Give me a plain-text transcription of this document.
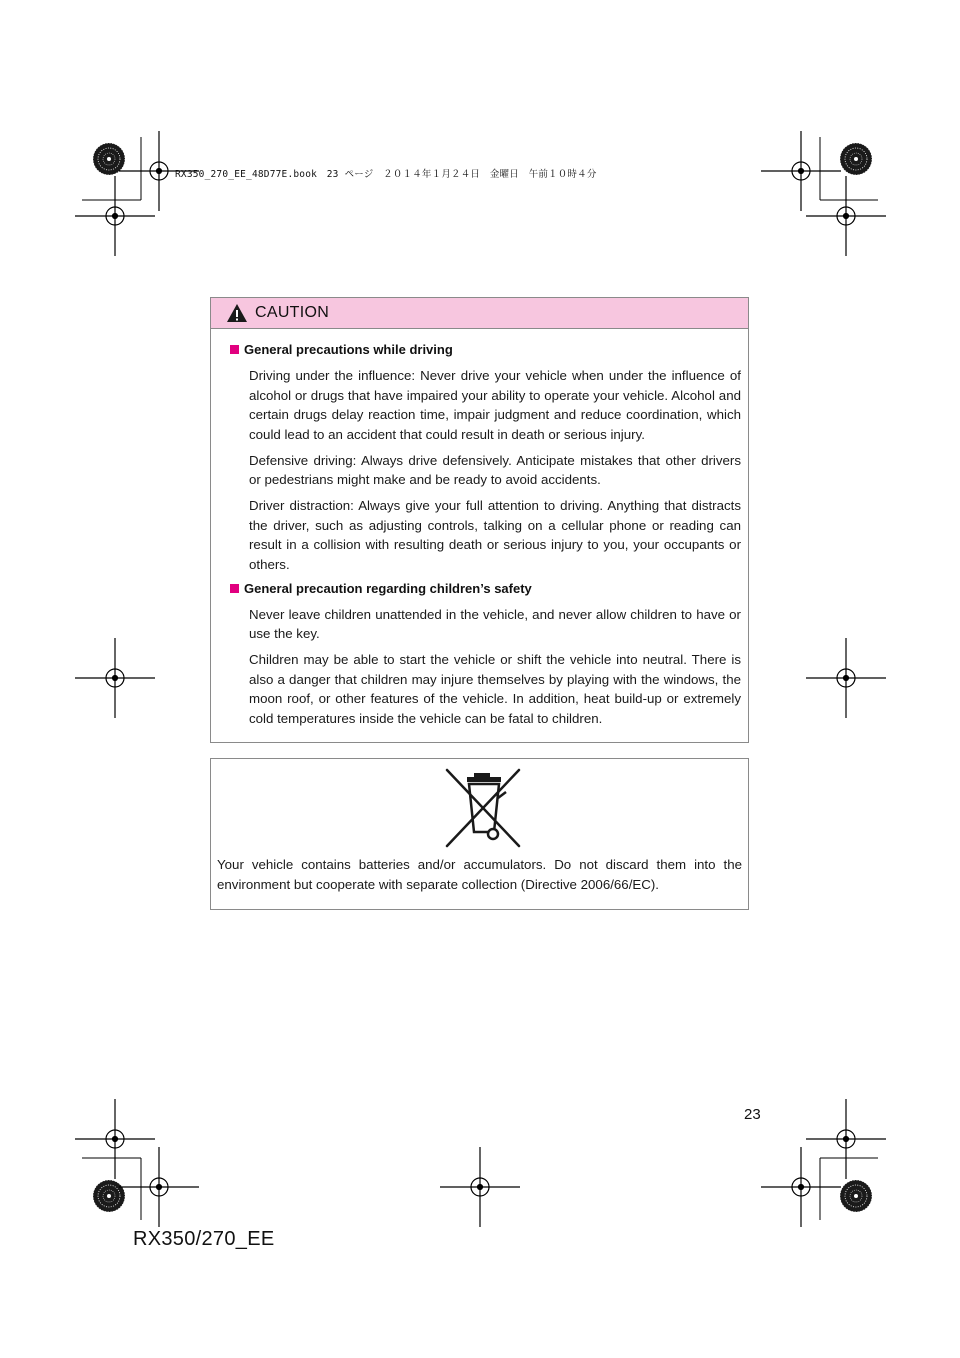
RX350_270_EE_48D77E.book　23 ページ　２０１４年１月２４日　金曜日　午前１０時４分
CAUTION
General precautions while driving

Driving under the influence: Never drive your vehicle when under the influence of alcohol or drugs that have impaired your ability to operate your vehicle. Alcohol and certain drugs delay reaction time, impair judgment and reduce coordination, which could lead to an accident that could result in death or serious injury.

Defensive driving: Always drive defensively. Anticipate mistakes that other drivers or pedestrians might make and be ready to avoid accidents.

Driver distraction: Always give your full attention to driving. Anything that distracts the driver, such as adjusting controls, talking on a cellular phone or reading can result in a collision with resulting death or serious injury to you, your occupants or others.

General precaution regarding children’s safety

Never leave children unattended in the vehicle, and never allow children to have or use the key.

Children may be able to start the vehicle or shift the vehicle into neutral. There is also a danger that children may injure themselves by playing with the windows, the moon roof, or other features of the vehicle. In addition, heat build-up or extremely cold temperatures inside the vehicle can be fatal to children.

Your vehicle contains batteries and/or accumulators. Do not discard them into the environment but cooperate with separate collection (Directive 2006/66/EC).
23
RX350/270_EE
